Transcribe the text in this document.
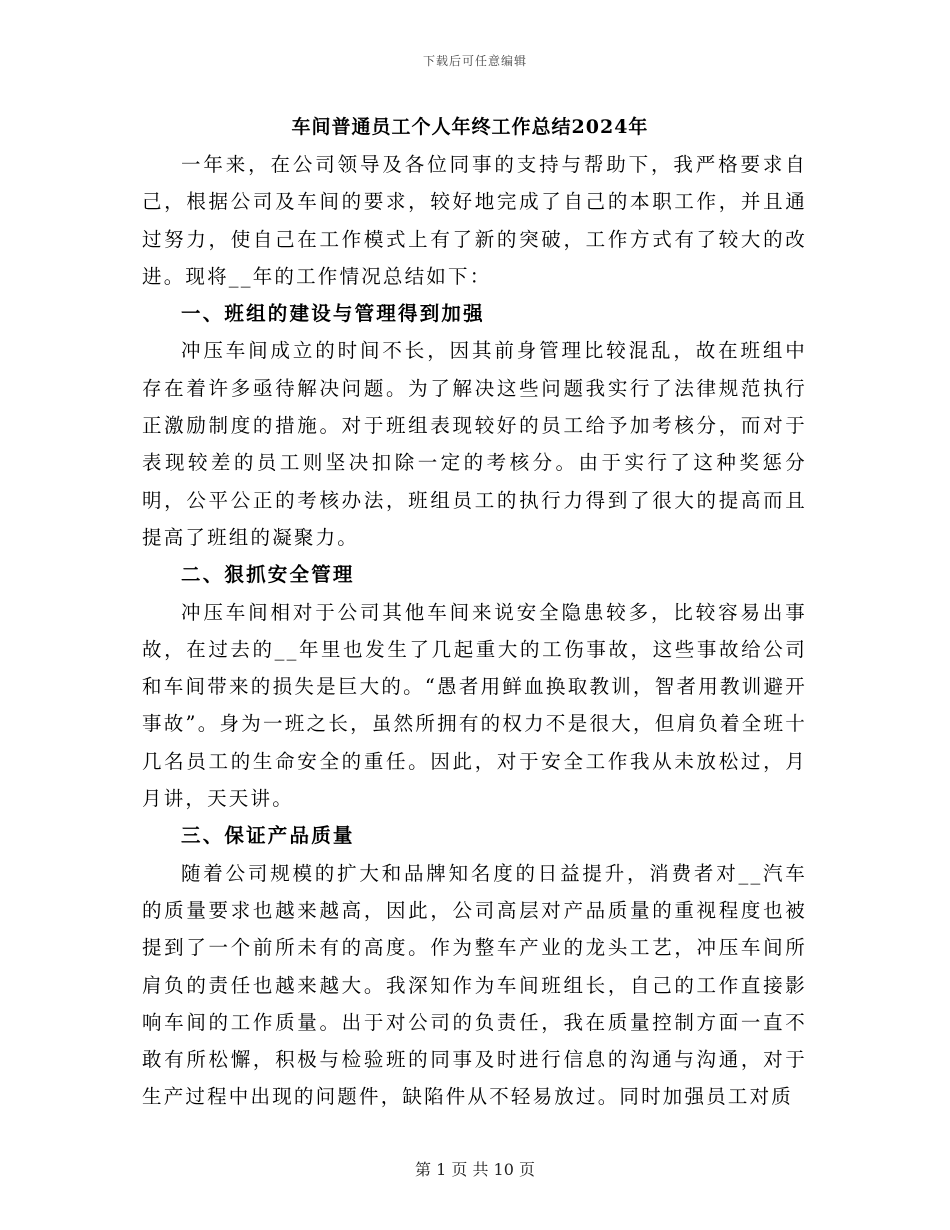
下载后可任意编辑
车间普通员工个人年终工作总结2024年

一年来，在公司领导及各位同事的支持与帮助下，我严格要求自己，根据公司及车间的要求，较好地完成了自己的本职工作，并且通过努力，使自己在工作模式上有了新的突破，工作方式有了较大的改进。现将__年的工作情况总结如下：

一、班组的建设与管理得到加强

冲压车间成立的时间不长，因其前身管理比较混乱，故在班组中存在着许多亟待解决问题。为了解决这些问题我实行了法律规范执行正激励制度的措施。对于班组表现较好的员工给予加考核分，而对于表现较差的员工则坚决扣除一定的考核分。由于实行了这种奖惩分明，公平公正的考核办法，班组员工的执行力得到了很大的提高而且提高了班组的凝聚力。

二、狠抓安全管理

冲压车间相对于公司其他车间来说安全隐患较多，比较容易出事故，在过去的__年里也发生了几起重大的工伤事故，这些事故给公司和车间带来的损失是巨大的。“愚者用鲜血换取教训，智者用教训避开事故”。身为一班之长，虽然所拥有的权力不是很大，但肩负着全班十几名员工的生命安全的重任。因此，对于安全工作我从未放松过，月月讲，天天讲。

三、保证产品质量

随着公司规模的扩大和品牌知名度的日益提升，消费者对__汽车的质量要求也越来越高，因此，公司高层对产品质量的重视程度也被提到了一个前所未有的高度。作为整车产业的龙头工艺，冲压车间所肩负的责任也越来越大。我深知作为车间班组长，自己的工作直接影响车间的工作质量。出于对公司的负责任，我在质量控制方面一直不敢有所松懈，积极与检验班的同事及时进行信息的沟通与沟通，对于生产过程中出现的问题件，缺陷件从不轻易放过。同时加强员工对质

第 1 页 共 10 页
